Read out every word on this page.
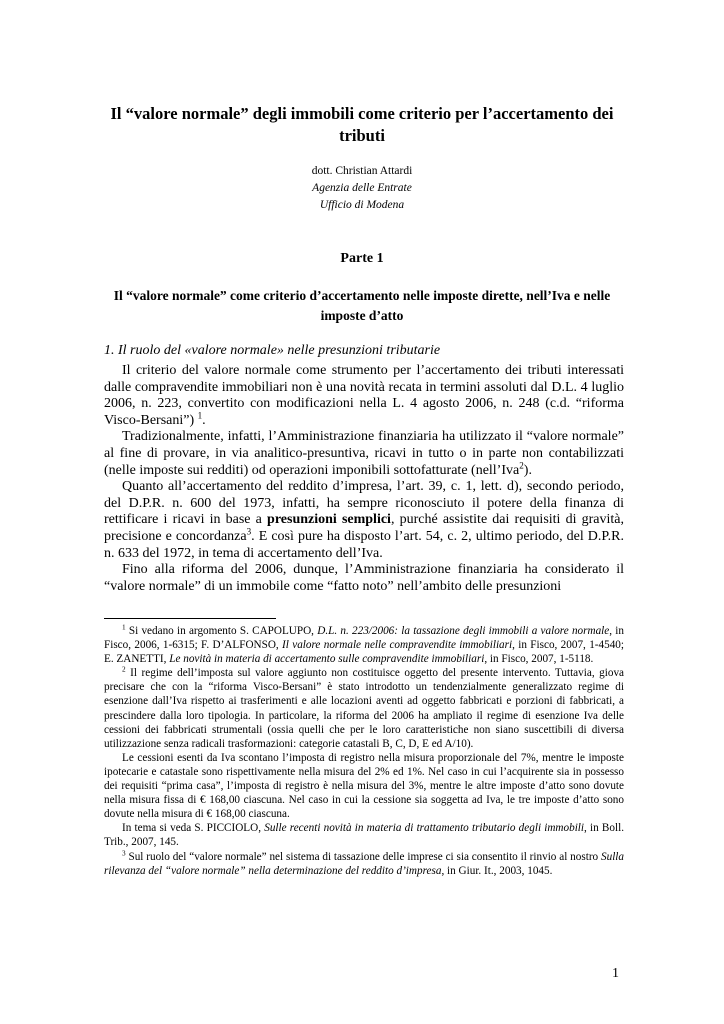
Il “valore normale” degli immobili come criterio per l’accertamento dei tributi
dott. Christian Attardi
Agenzia delle Entrate
Ufficio di Modena
Parte 1
Il “valore normale” come criterio d’accertamento nelle imposte dirette, nell’Iva e nelle imposte d’atto
1. Il ruolo del «valore normale» nelle presunzioni tributarie

Il criterio del valore normale come strumento per l’accertamento dei tributi interessati dalle compravendite immobiliari non è una novità recata in termini assoluti dal D.L. 4 luglio 2006, n. 223, convertito con modificazioni nella L. 4 agosto 2006, n. 248 (c.d. “riforma Visco-Bersani”) $^1$.

Tradizionalmente, infatti, l’Amministrazione finanziaria ha utilizzato il “valore normale” al fine di provare, in via analitico-presuntiva, ricavi in tutto o in parte non contabilizzati (nelle imposte sui redditi) od operazioni imponibili sottofatturate (nell’Iva$^2$).

Quanto all’accertamento del reddito d’impresa, l’art. 39, c. 1, lett. d), secondo periodo, del D.P.R. n. 600 del 1973, infatti, ha sempre riconosciuto il potere della finanza di rettificare i ricavi in base a presunzioni semplici, purché assistite dai requisiti di gravità, precisione e concordanza$^3$. E così pure ha disposto l’art. 54, c. 2, ultimo periodo, del D.P.R. n. 633 del 1972, in tema di accertamento dell’Iva.

Fino alla riforma del 2006, dunque, l’Amministrazione finanziaria ha considerato il “valore normale” di un immobile come “fatto noto” nell’ambito delle presunzioni

$^1$ Si vedano in argomento S. CAPOLUPO, D.L. n. 223/2006: la tassazione degli immobili a valore normale, in Fisco, 2006, 1-6315; F. D’ALFONSO, Il valore normale nelle compravendite immobiliari, in Fisco, 2007, 1-4540; E. ZANETTI, Le novità in materia di accertamento sulle compravendite immobiliari, in Fisco, 2007, 1-5118.

$^2$ Il regime dell’imposta sul valore aggiunto non costituisce oggetto del presente intervento. Tuttavia, giova precisare che con la “riforma Visco-Bersani” è stato introdotto un tendenzialmente generalizzato regime di esenzione dall’Iva rispetto ai trasferimenti e alle locazioni aventi ad oggetto fabbricati e porzioni di fabbricati, a prescindere dalla loro tipologia. In particolare, la riforma del 2006 ha ampliato il regime di esenzione Iva delle cessioni dei fabbricati strumentali (ossia quelli che per le loro caratteristiche non siano suscettibili di diversa utilizzazione senza radicali trasformazioni: categorie catastali B, C, D, E ed A/10).

Le cessioni esenti da Iva scontano l’imposta di registro nella misura proporzionale del 7%, mentre le imposte ipotecarie e catastale sono rispettivamente nella misura del 2% ed 1%. Nel caso in cui l’acquirente sia in possesso dei requisiti “prima casa”, l’imposta di registro è nella misura del 3%, mentre le altre imposte d’atto sono dovute nella misura fissa di € 168,00 ciascuna. Nel caso in cui la cessione sia soggetta ad Iva, le tre imposte d’atto sono dovute nella misura di € 168,00 ciascuna.

In tema si veda S. PICCIOLO, Sulle recenti novità in materia di trattamento tributario degli immobili, in Boll. Trib., 2007, 145.

$^3$ Sul ruolo del “valore normale” nel sistema di tassazione delle imprese ci sia consentito il rinvio al nostro Sulla rilevanza del “valore normale” nella determinazione del reddito d’impresa, in Giur. It., 2003, 1045.

1
